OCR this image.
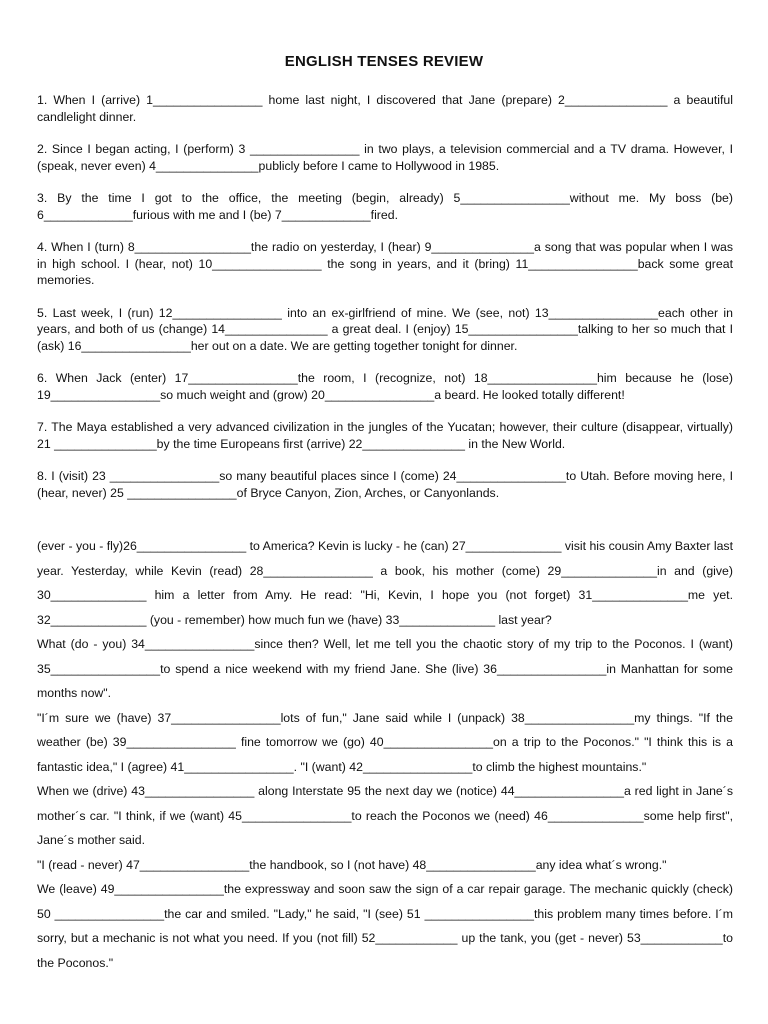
ENGLISH TENSES REVIEW

1. When I (arrive) 1________________ home last night, I discovered that Jane (prepare) 2_______________ a beautiful candlelight dinner.

2. Since I began acting, I (perform) 3 ________________ in two plays, a television commercial and a TV drama. However, I (speak, never even) 4_______________publicly before I came to Hollywood in 1985.

3. By the time I got to the office, the meeting (begin, already) 5________________without me. My boss (be) 6_____________furious with me and I (be) 7_____________fired.

4. When I (turn) 8_________________the radio on yesterday, I (hear) 9_______________a song that was popular when I was in high school. I (hear, not) 10________________ the song in years, and it (bring) 11________________back some great memories.

5. Last week, I (run) 12________________ into an ex-girlfriend of mine. We (see, not) 13________________each other in years, and both of us (change) 14_______________ a great deal. I (enjoy) 15________________talking to her so much that I (ask) 16________________her out on a date. We are getting together tonight for dinner.

6. When Jack (enter) 17________________the room, I (recognize, not) 18________________him because he (lose) 19________________so much weight and (grow) 20________________a beard. He looked totally different!

7. The Maya established a very advanced civilization in the jungles of the Yucatan; however, their culture (disappear, virtually) 21 _______________by the time Europeans first (arrive) 22_______________ in the New World.

8. I (visit) 23 ________________so many beautiful places since I (come) 24________________to Utah. Before moving here, I (hear, never) 25 ________________of Bryce Canyon, Zion, Arches, or Canyonlands.

(ever - you - fly)26________________ to America? Kevin is lucky - he (can) 27______________ visit his cousin Amy Baxter last year. Yesterday, while Kevin (read) 28________________ a book, his mother (come) 29______________in and (give) 30______________ him a letter from Amy. He read: "Hi, Kevin, I hope you (not forget) 31______________me yet. 32______________ (you - remember) how much fun we (have) 33______________ last year?

What (do - you) 34________________since then? Well, let me tell you the chaotic story of my trip to the Poconos. I (want) 35________________to spend a nice weekend with my friend Jane. She (live) 36________________in Manhattan for some months now".

"I´m sure we (have) 37________________lots of fun," Jane said while I (unpack) 38________________my things. "If the weather (be) 39________________ fine tomorrow we (go) 40________________on a trip to the Poconos." "I think this is a fantastic idea," I (agree) 41________________. "I (want) 42________________to climb the highest mountains."

When we (drive) 43________________ along Interstate 95 the next day we (notice) 44________________a red light in Jane´s mother´s car. "I think, if we (want) 45________________to reach the Poconos we (need) 46______________some help first", Jane´s mother said.

"I (read - never) 47________________the handbook, so I (not have) 48________________any idea what´s wrong."

We (leave) 49________________the expressway and soon saw the sign of a car repair garage. The mechanic quickly (check) 50 ________________the car and smiled. "Lady," he said, "I (see) 51 ________________this problem many times before. I´m sorry, but a mechanic is not what you need. If you (not fill) 52____________ up the tank, you (get - never) 53____________to the Poconos."
